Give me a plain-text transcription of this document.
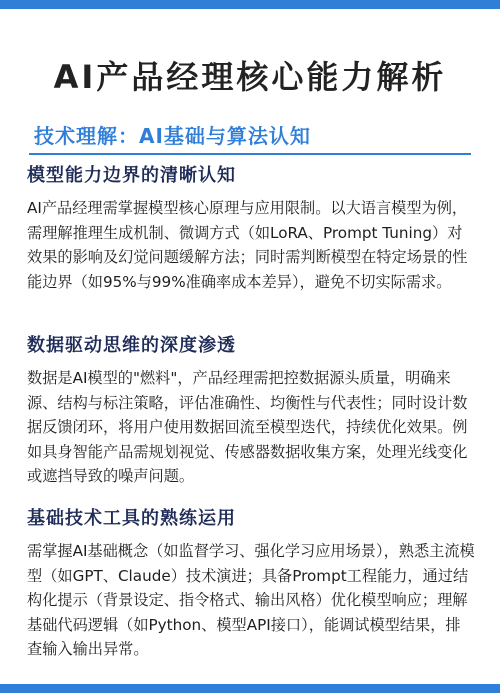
AI产品经理核心能力解析
技术理解：AI基础与算法认知
模型能力边界的清晰认知

AI产品经理需掌握模型核心原理与应用限制。以大语言模型为例，需理解推理生成机制、微调方式（如LoRA、Prompt Tuning）对效果的影响及幻觉问题缓解方法；同时需判断模型在特定场景的性能边界（如95%与99%准确率成本差异），避免不切实际需求。

数据驱动思维的深度渗透

数据是AI模型的"燃料"，产品经理需把控数据源头质量，明确来源、结构与标注策略，评估准确性、均衡性与代表性；同时设计数据反馈闭环，将用户使用数据回流至模型迭代，持续优化效果。例如具身智能产品需规划视觉、传感器数据收集方案，处理光线变化或遮挡导致的噪声问题。

基础技术工具的熟练运用

需掌握AI基础概念（如监督学习、强化学习应用场景），熟悉主流模型（如GPT、Claude）技术演进；具备Prompt工程能力，通过结构化提示（背景设定、指令格式、输出风格）优化模型响应；理解基础代码逻辑（如Python、模型API接口），能调试模型结果，排查输入输出异常。
